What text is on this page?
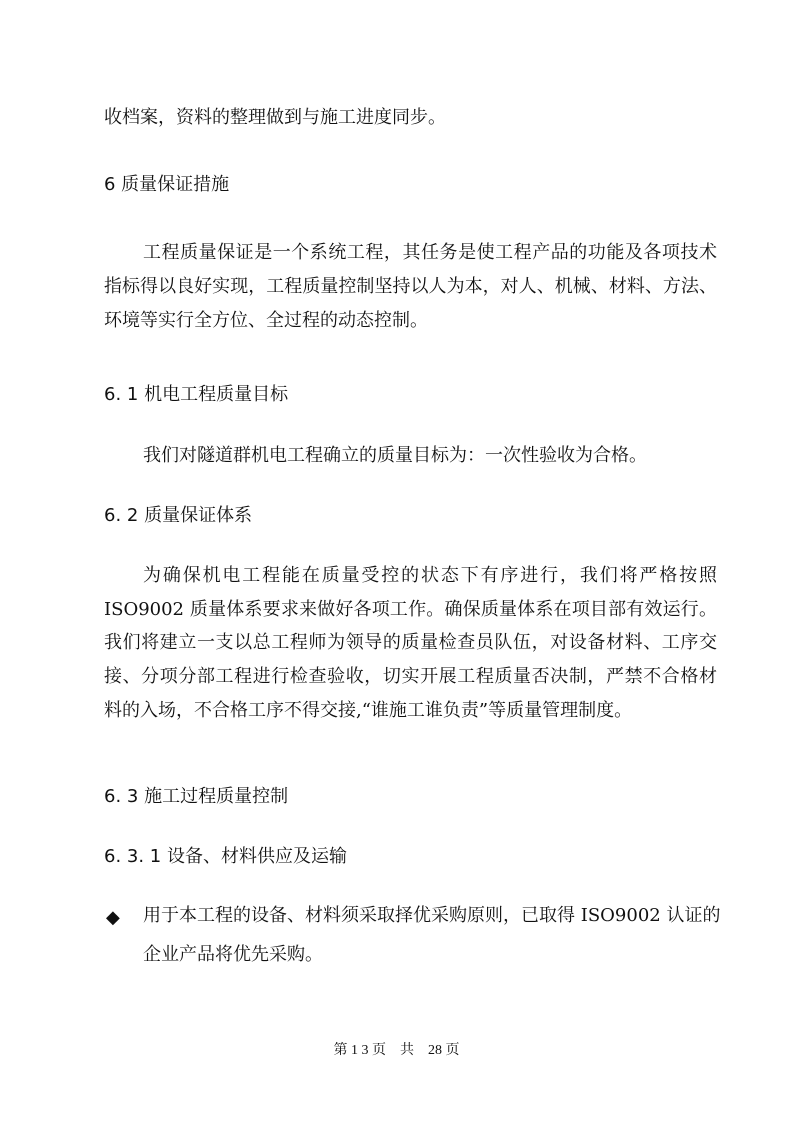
收档案，资料的整理做到与施工进度同步。
6 质量保证措施
工程质量保证是一个系统工程，其任务是使工程产品的功能及各项技术
指标得以良好实现，工程质量控制坚持以人为本，对人、机械、材料、方法、
环境等实行全方位、全过程的动态控制。
6. 1 机电工程质量目标
我们对隧道群机电工程确立的质量目标为：一次性验收为合格。
6. 2 质量保证体系
为确保机电工程能在质量受控的状态下有序进行，我们将严格按照
ISO9002 质量体系要求来做好各项工作。确保质量体系在项目部有效运行。
我们将建立一支以总工程师为领导的质量检查员队伍，对设备材料、工序交
接、分项分部工程进行检查验收，切实开展工程质量否决制，严禁不合格材
料的入场，不合格工序不得交接,“谁施工谁负责”等质量管理制度。
6. 3 施工过程质量控制
6. 3. 1 设备、材料供应及运输
◆ 用于本工程的设备、材料须采取择优采购原则，已取得 ISO9002 认证的
企业产品将优先采购。
第 1 3 页　共　28 页
